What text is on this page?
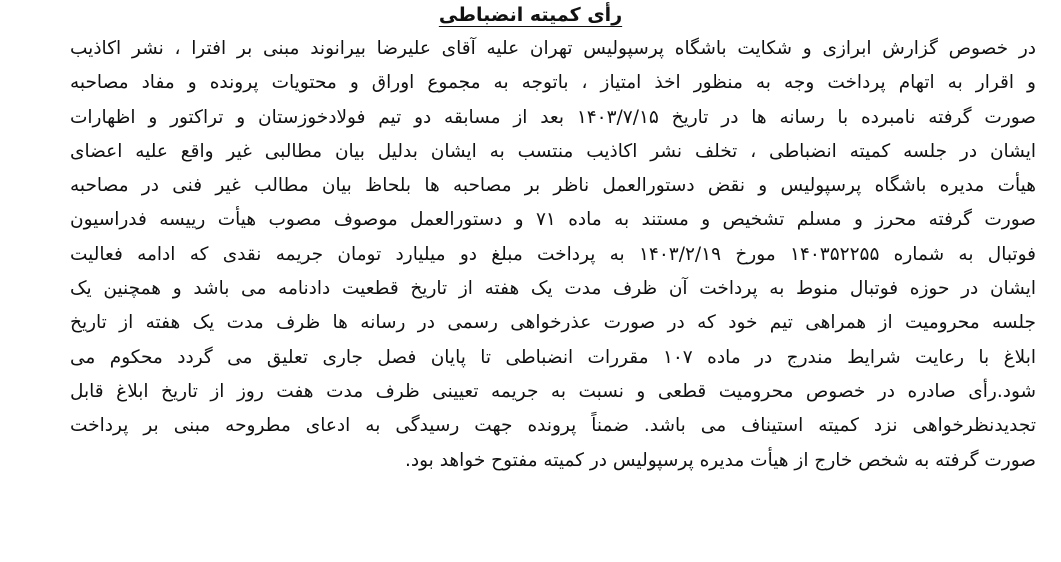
رأی کمیته انضباطی
در خصوص گزارش ابرازی و شکایت باشگاه پرسپولیس تهران علیه آقای علیرضا بیرانوند مبنی بر افترا ، نشر اکاذیب
و اقرار به اتهام پرداخت وجه به منظور اخذ امتیاز ، باتوجه به مجموع اوراق و محتویات پرونده و مفاد مصاحبه
صورت گرفته نامبرده با رسانه ها در تاریخ ۱۴۰۳/۷/۱۵ بعد از مسابقه دو تیم فولادخوزستان و تراکتور و اظهارات
ایشان در جلسه کمیته انضباطی ، تخلف نشر اکاذیب منتسب به ایشان بدلیل بیان مطالبی غیر واقع علیه اعضای
هیأت مدیره باشگاه پرسپولیس و نقض دستورالعمل ناظر بر مصاحبه ها بلحاظ بیان مطالب غیر فنی در مصاحبه
صورت گرفته محرز و مسلم تشخیص و مستند به ماده ۷۱ و دستورالعمل موصوف مصوب هیأت رییسه فدراسیون
فوتبال به شماره ۱۴۰۳۵۲۲۵۵ مورخ ۱۴۰۳/۲/۱۹ به پرداخت مبلغ دو میلیارد تومان جریمه نقدی که ادامه فعالیت
ایشان در حوزه فوتبال منوط به پرداخت آن ظرف مدت یک هفته از تاریخ قطعیت دادنامه می باشد و همچنین یک
جلسه محرومیت از همراهی تیم خود که در صورت عذرخواهی رسمی در رسانه ها ظرف مدت یک هفته از تاریخ
ابلاغ با رعایت شرایط مندرج در ماده ۱۰۷ مقررات انضباطی تا پایان فصل جاری تعلیق می گردد محکوم می
شود.رأی صادره در خصوص محرومیت قطعی و نسبت به جریمه تعیینی ظرف مدت هفت روز از تاریخ ابلاغ قابل
تجدیدنظرخواهی نزد کمیته استیناف می باشد. ضمناً پرونده جهت رسیدگی به ادعای مطروحه مبنی بر پرداخت
صورت گرفته به شخص خارج از هیأت مدیره پرسپولیس در کمیته مفتوح خواهد بود.
